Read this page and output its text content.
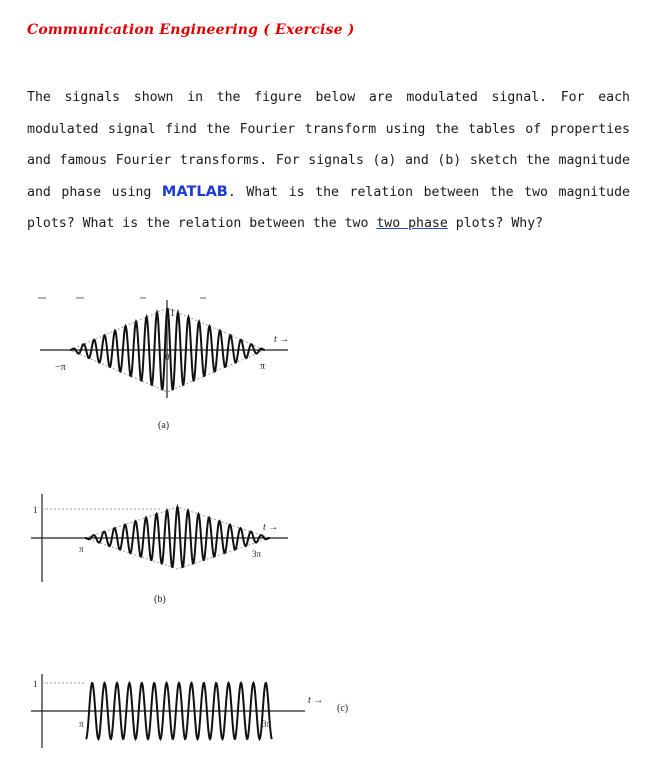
Communication Engineering ( Exercise )
The signals shown in the figure below are modulated signal. For each modulated signal find the Fourier transform using the tables of properties and famous Fourier transforms. For signals (a) and (b) sketch the magnitude and phase using MATLAB. What is the relation between the two magnitude plots? What is the relation between the two two phase plots? Why?
1
0
−π	π
t →
(a)
1
π	3π
t →
(b)
1
π	3π
t →
(c)
